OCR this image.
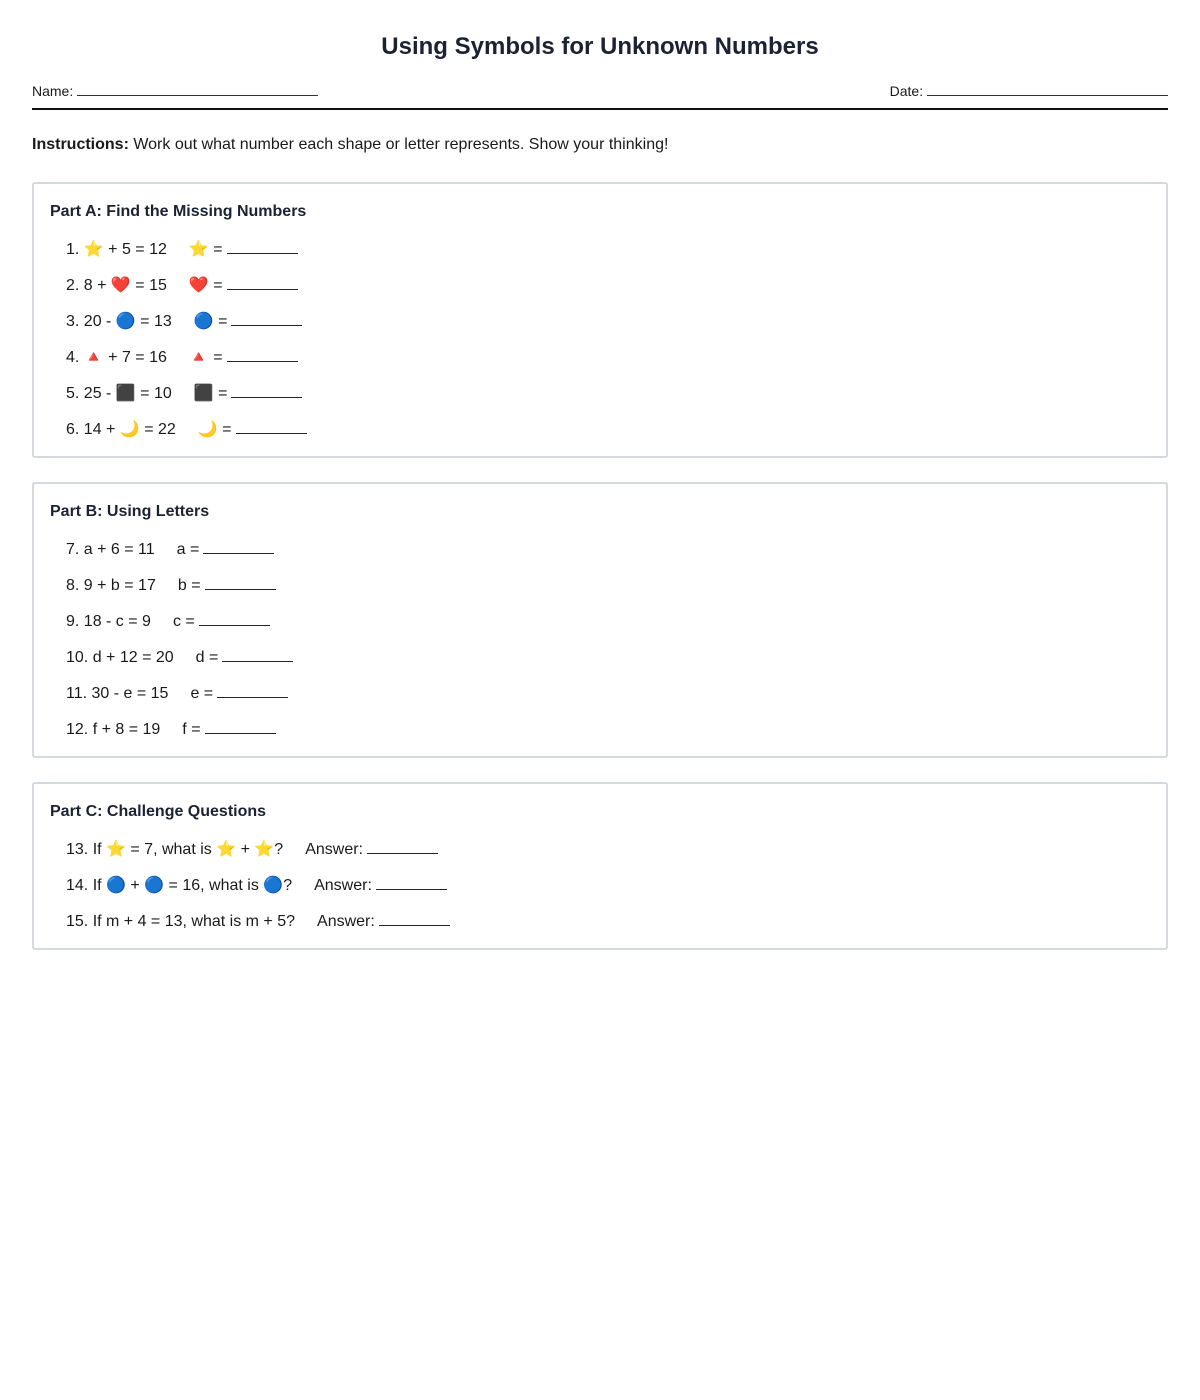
Using Symbols for Unknown Numbers
Name:	Date:

Instructions: Work out what number each shape or letter represents. Show your thinking!

Part A: Find the Missing Numbers
1. ⭐ + 5 = 12 ⭐ =
2. 8 + ❤️ = 15 ❤️ =
3. 20 - 🔵 = 13 🔵 =
4. 🔺 + 7 = 16 🔺 =
5. 25 - ⬛ = 10 ⬛ =
6. 14 + 🌙 = 22 🌙 =
Part B: Using Letters
7. a + 6 = 11 a =
8. 9 + b = 17 b =
9. 18 - c = 9 c =
10. d + 12 = 20 d =
11. 30 - e = 15 e =
12. f + 8 = 19 f =
Part C: Challenge Questions
13. If ⭐ = 7, what is ⭐ + ⭐? Answer:
14. If 🔵 + 🔵 = 16, what is 🔵? Answer:
15. If m + 4 = 13, what is m + 5? Answer:
